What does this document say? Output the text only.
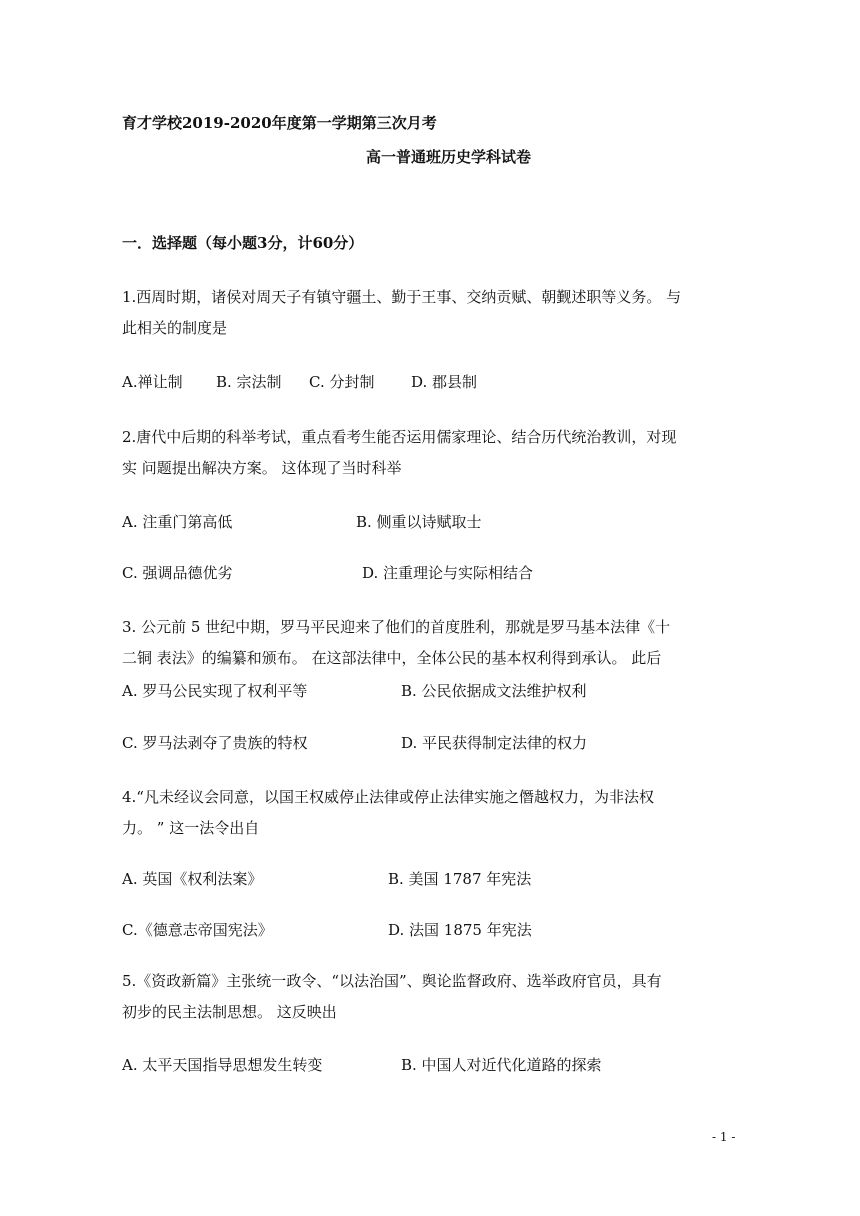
育才学校2019-2020年度第一学期第三次月考
高一普通班历史学科试卷
一．选择题（每小题3分，计60分）
1.西周时期，诸侯对周天子有镇守疆土、勤于王事、交纳贡赋、朝觐述职等义务。 与
此相关的制度是
A.禅让制 B. 宗法制 C. 分封制 D. 郡县制
2.唐代中后期的科举考试，重点看考生能否运用儒家理论、结合历代统治教训，对现
实 问题提出解决方案。 这体现了当时科举
A. 注重门第高低	B. 侧重以诗赋取士
C. 强调品德优劣	D. 注重理论与实际相结合
3. 公元前 5 世纪中期，罗马平民迎来了他们的首度胜利，那就是罗马基本法律《十
二铜 表法》的编纂和颁布。 在这部法律中，全体公民的基本权利得到承认。 此后
A. 罗马公民实现了权利平等	B. 公民依据成文法维护权利
C. 罗马法剥夺了贵族的特权	D. 平民获得制定法律的权力
4.“凡未经议会同意，以国王权威停止法律或停止法律实施之僭越权力，为非法权
力。 ” 这一法令出自
A. 英国《权利法案》	B. 美国 1787 年宪法
C.《德意志帝国宪法》	D. 法国 1875 年宪法
5.《资政新篇》主张统一政令、“以法治国”、舆论监督政府、选举政府官员，具有
初步的民主法制思想。 这反映出
A. 太平天国指导思想发生转变	B. 中国人对近代化道路的探索
- 1 -
